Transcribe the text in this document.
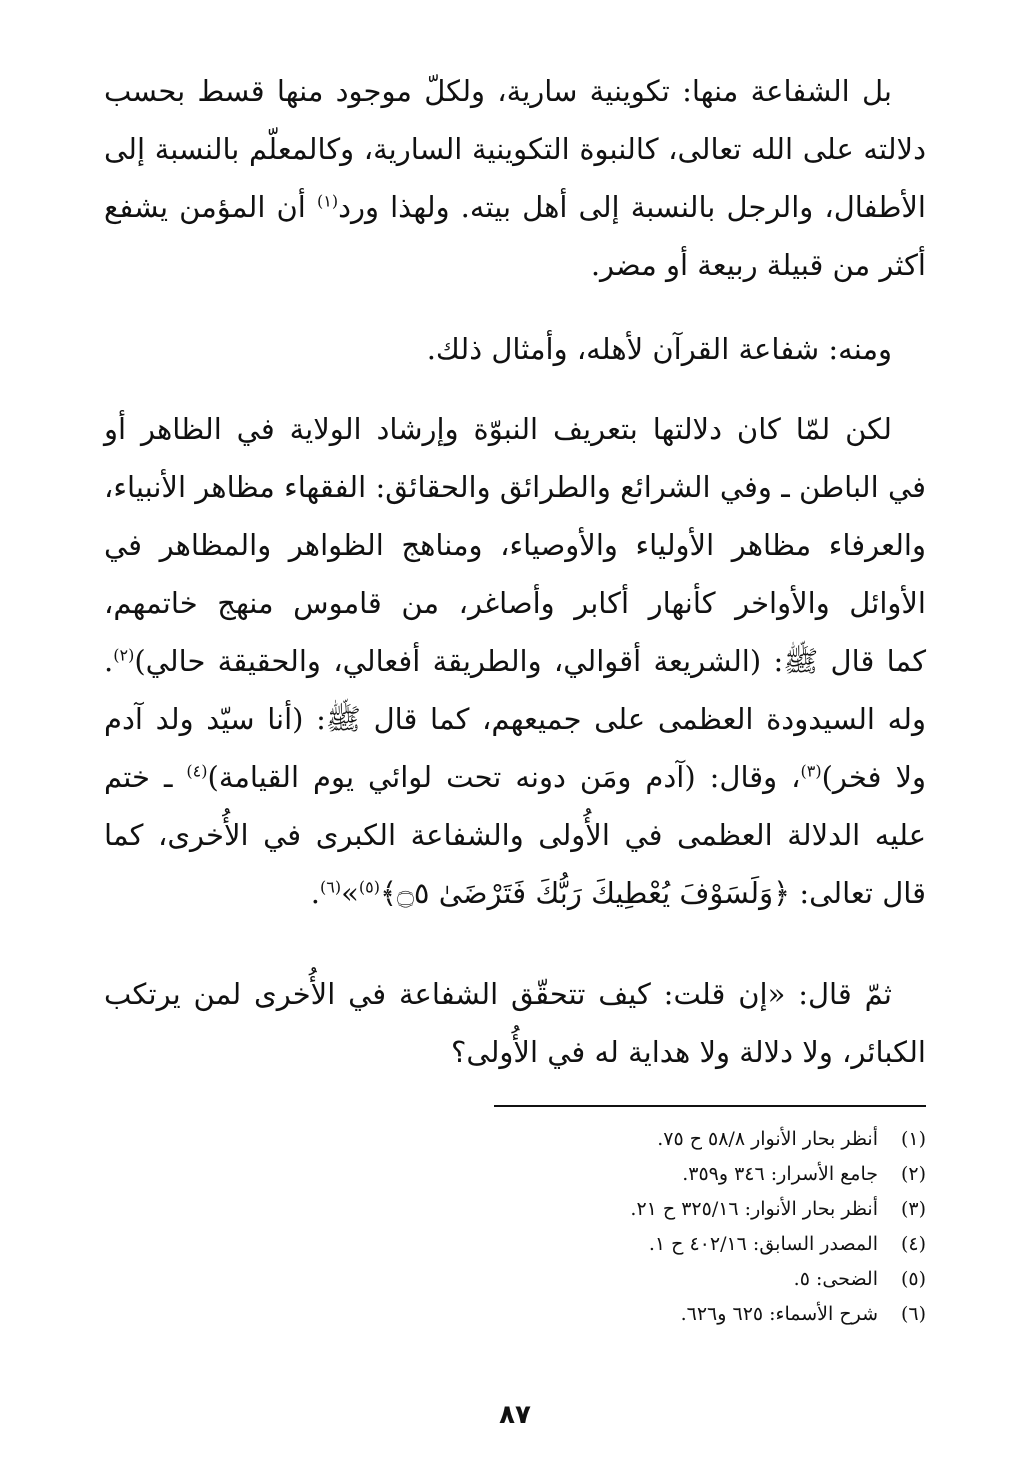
بل الشفاعة منها: تكوينية سارية، ولكلّ موجود منها قسط بحسب
دلالته على الله تعالى، كالنبوة التكوينية السارية، وكالمعلّم بالنسبة إلى
الأطفال، والرجل بالنسبة إلى أهل بيته. ولهذا ورد$^{(١)}$ أن المؤمن يشفع
أكثر من قبيلة ربيعة أو مضر.
ومنه: شفاعة القرآن لأهله، وأمثال ذلك.
لكن لمّا كان دلالتها بتعريف النبوّة وإرشاد الولاية في الظاهر أو
في الباطن ـ وفي الشرائع والطرائق والحقائق: الفقهاء مظاهر الأنبياء،
والعرفاء مظاهر الأولياء والأوصياء، ومناهج الظواهر والمظاهر في
الأوائل والأواخر كأنهار أكابر وأصاغر، من قاموس منهج خاتمهم،
كما قال ﷺ: (الشريعة أقوالي، والطريقة أفعالي، والحقيقة حالي)$^{(٢)}$.
وله السيدودة العظمى على جميعهم، كما قال ﷺ: (أنا سيّد ولد آدم
ولا فخر)$^{(٣)}$، وقال: (آدم ومَن دونه تحت لوائي يوم القيامة)$^{(٤)}$ ـ ختم
عليه الدلالة العظمى في الأُولى والشفاعة الكبرى في الأُخرى، كما
قال تعالى: ﴿وَلَسَوْفَ يُعْطِيكَ رَبُّكَ فَتَرْضَىٰ ۝٥﴾$^{(٥)}$»$^{(٦)}$.
ثمّ قال: «إن قلت: كيف تتحقّق الشفاعة في الأُخرى لمن يرتكب
الكبائر، ولا دلالة ولا هداية له في الأُولى؟
(١)أنظر بحار الأنوار ٥٨/٨ ح ٧٥.
(٢)جامع الأسرار: ٣٤٦ و٣٥٩.
(٣)أنظر بحار الأنوار: ٣٢٥/١٦ ح ٢١.
(٤)المصدر السابق: ٤٠٢/١٦ ح ١.
(٥)الضحى: ٥.
(٦)شرح الأسماء: ٦٢٥ و٦٢٦.
٨٧
